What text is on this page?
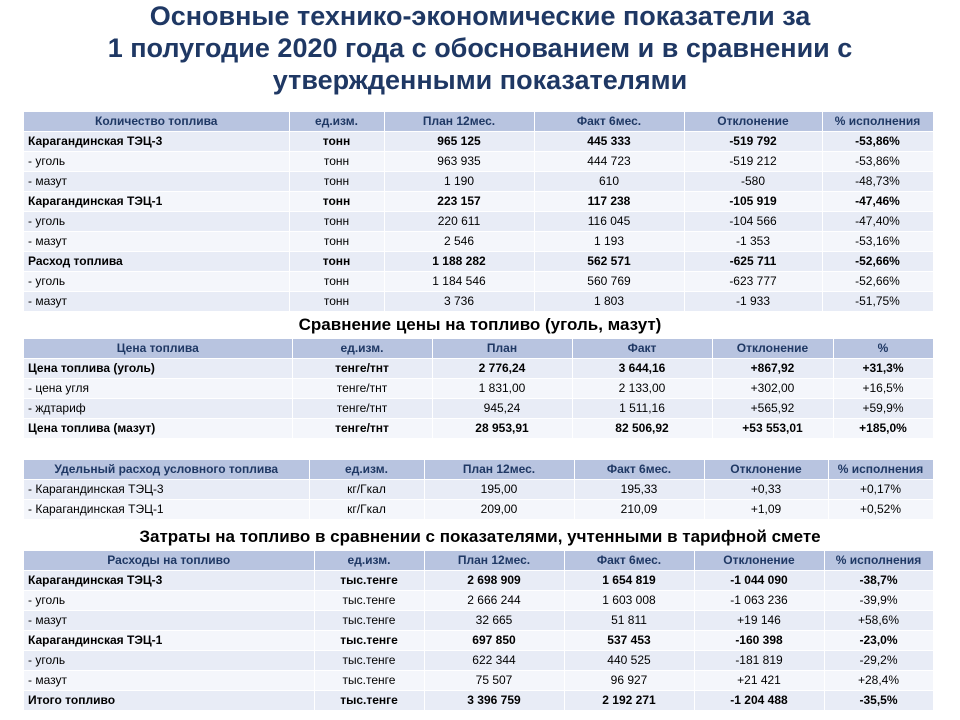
Основные технико-экономические показатели за
1 полугодие 2020 года с обоснованием и в сравнении с
утвержденными показателями
Количество топлива	ед.изм.	План 12мес.	Факт 6мес.	Отклонение	% исполнения
Карагандинская ТЭЦ-3	тонн	965 125	445 333	-519 792	-53,86%
- уголь	тонн	963 935	444 723	-519 212	-53,86%
- мазут	тонн	1 190	610	-580	-48,73%
Карагандинская ТЭЦ-1	тонн	223 157	117 238	-105 919	-47,46%
- уголь	тонн	220 611	116 045	-104 566	-47,40%
- мазут	тонн	2 546	1 193	-1 353	-53,16%
Расход топлива	тонн	1 188 282	562 571	-625 711	-52,66%
- уголь	тонн	1 184 546	560 769	-623 777	-52,66%
- мазут	тонн	3 736	1 803	-1 933	-51,75%
Сравнение цены на топливо (уголь, мазут)
Цена топлива	ед.изм.	План	Факт	Отклонение	%
Цена топлива (уголь)	тенге/тнт	2 776,24	3 644,16	+867,92	+31,3%
- цена угля	тенге/тнт	1 831,00	2 133,00	+302,00	+16,5%
- ждтариф	тенге/тнт	945,24	1 511,16	+565,92	+59,9%
Цена топлива (мазут)	тенге/тнт	28 953,91	82 506,92	+53 553,01	+185,0%
Удельный расход условного топлива	ед.изм.	План 12мес.	Факт 6мес.	Отклонение	% исполнения
- Карагандинская ТЭЦ-3	кг/Гкал	195,00	195,33	+0,33	+0,17%
- Карагандинская ТЭЦ-1	кг/Гкал	209,00	210,09	+1,09	+0,52%
Затраты на топливо в сравнении с показателями, учтенными в тарифной смете
Расходы на топливо	ед.изм.	План 12мес.	Факт 6мес.	Отклонение	% исполнения
Карагандинская ТЭЦ-3	тыс.тенге	2 698 909	1 654 819	-1 044 090	-38,7%
- уголь	тыс.тенге	2 666 244	1 603 008	-1 063 236	-39,9%
- мазут	тыс.тенге	32 665	51 811	+19 146	+58,6%
Карагандинская ТЭЦ-1	тыс.тенге	697 850	537 453	-160 398	-23,0%
- уголь	тыс.тенге	622 344	440 525	-181 819	-29,2%
- мазут	тыс.тенге	75 507	96 927	+21 421	+28,4%
Итого топливо	тыс.тенге	3 396 759	2 192 271	-1 204 488	-35,5%
